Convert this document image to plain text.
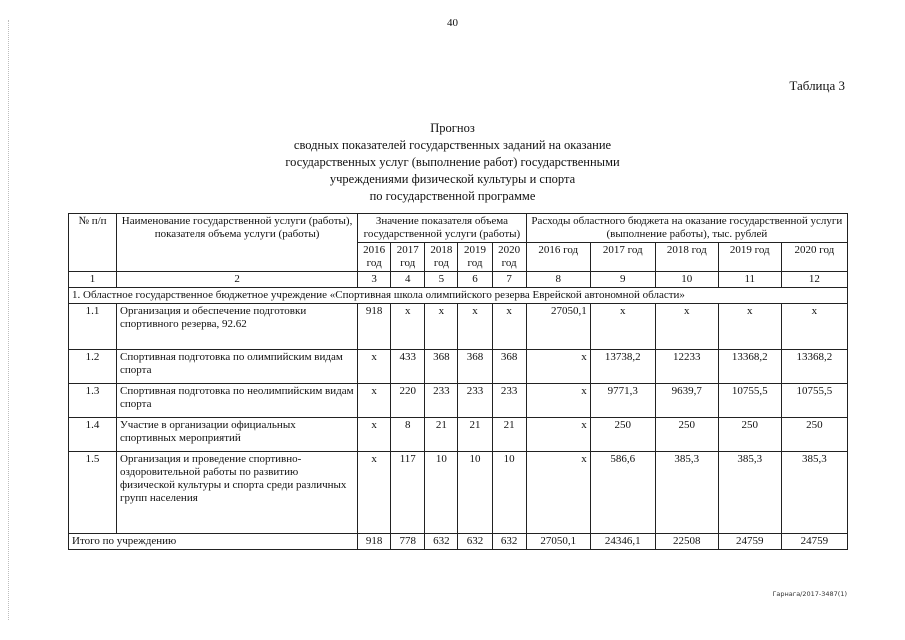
40
Таблица 3
Прогноз
сводных показателей государственных заданий на оказание
государственных услуг (выполнение работ) государственными
учреждениями физической культуры и спорта
по государственной программе
№ п/п	Наименование государственной услуги (работы), показателя объема услуги (работы)	Значение показателя объема государственной услуги (работы)					Расходы областного бюджета на оказание государственной услуги (выполнение работы), тыс. рублей				
		2016 год	2017 год	2018 год	2019 год	2020 год	2016 год	2017 год	2018 год	2019 год	2020 год
1	2	3	4	5	6	7	8	9	10	11	12
1. Областное государственное бюджетное учреждение «Спортивная школа олимпийского резерва Еврейской автономной области»											
1.1	Организация и обеспечение подготовки спортивного резерва, 92.62	918	х	х	х	х	27050,1	х	х	х	х
1.2	Спортивная подготовка по олимпийским видам спорта	х	433	368	368	368	х	13738,2	12233	13368,2	13368,2
1.3	Спортивная подготовка по неолимпийским видам спорта	х	220	233	233	233	х	9771,3	9639,7	10755,5	10755,5
1.4	Участие в организации официальных спортивных мероприятий	х	8	21	21	21	х	250	250	250	250
1.5	Организация и проведение спортивно-оздоровительной работы по развитию физической культуры и спорта среди различных групп населения	х	117	10	10	10	х	586,6	385,3	385,3	385,3
Итого по учреждению		918	778	632	632	632	27050,1	24346,1	22508	24759	24759
Гарнага/2017-3487(1)
